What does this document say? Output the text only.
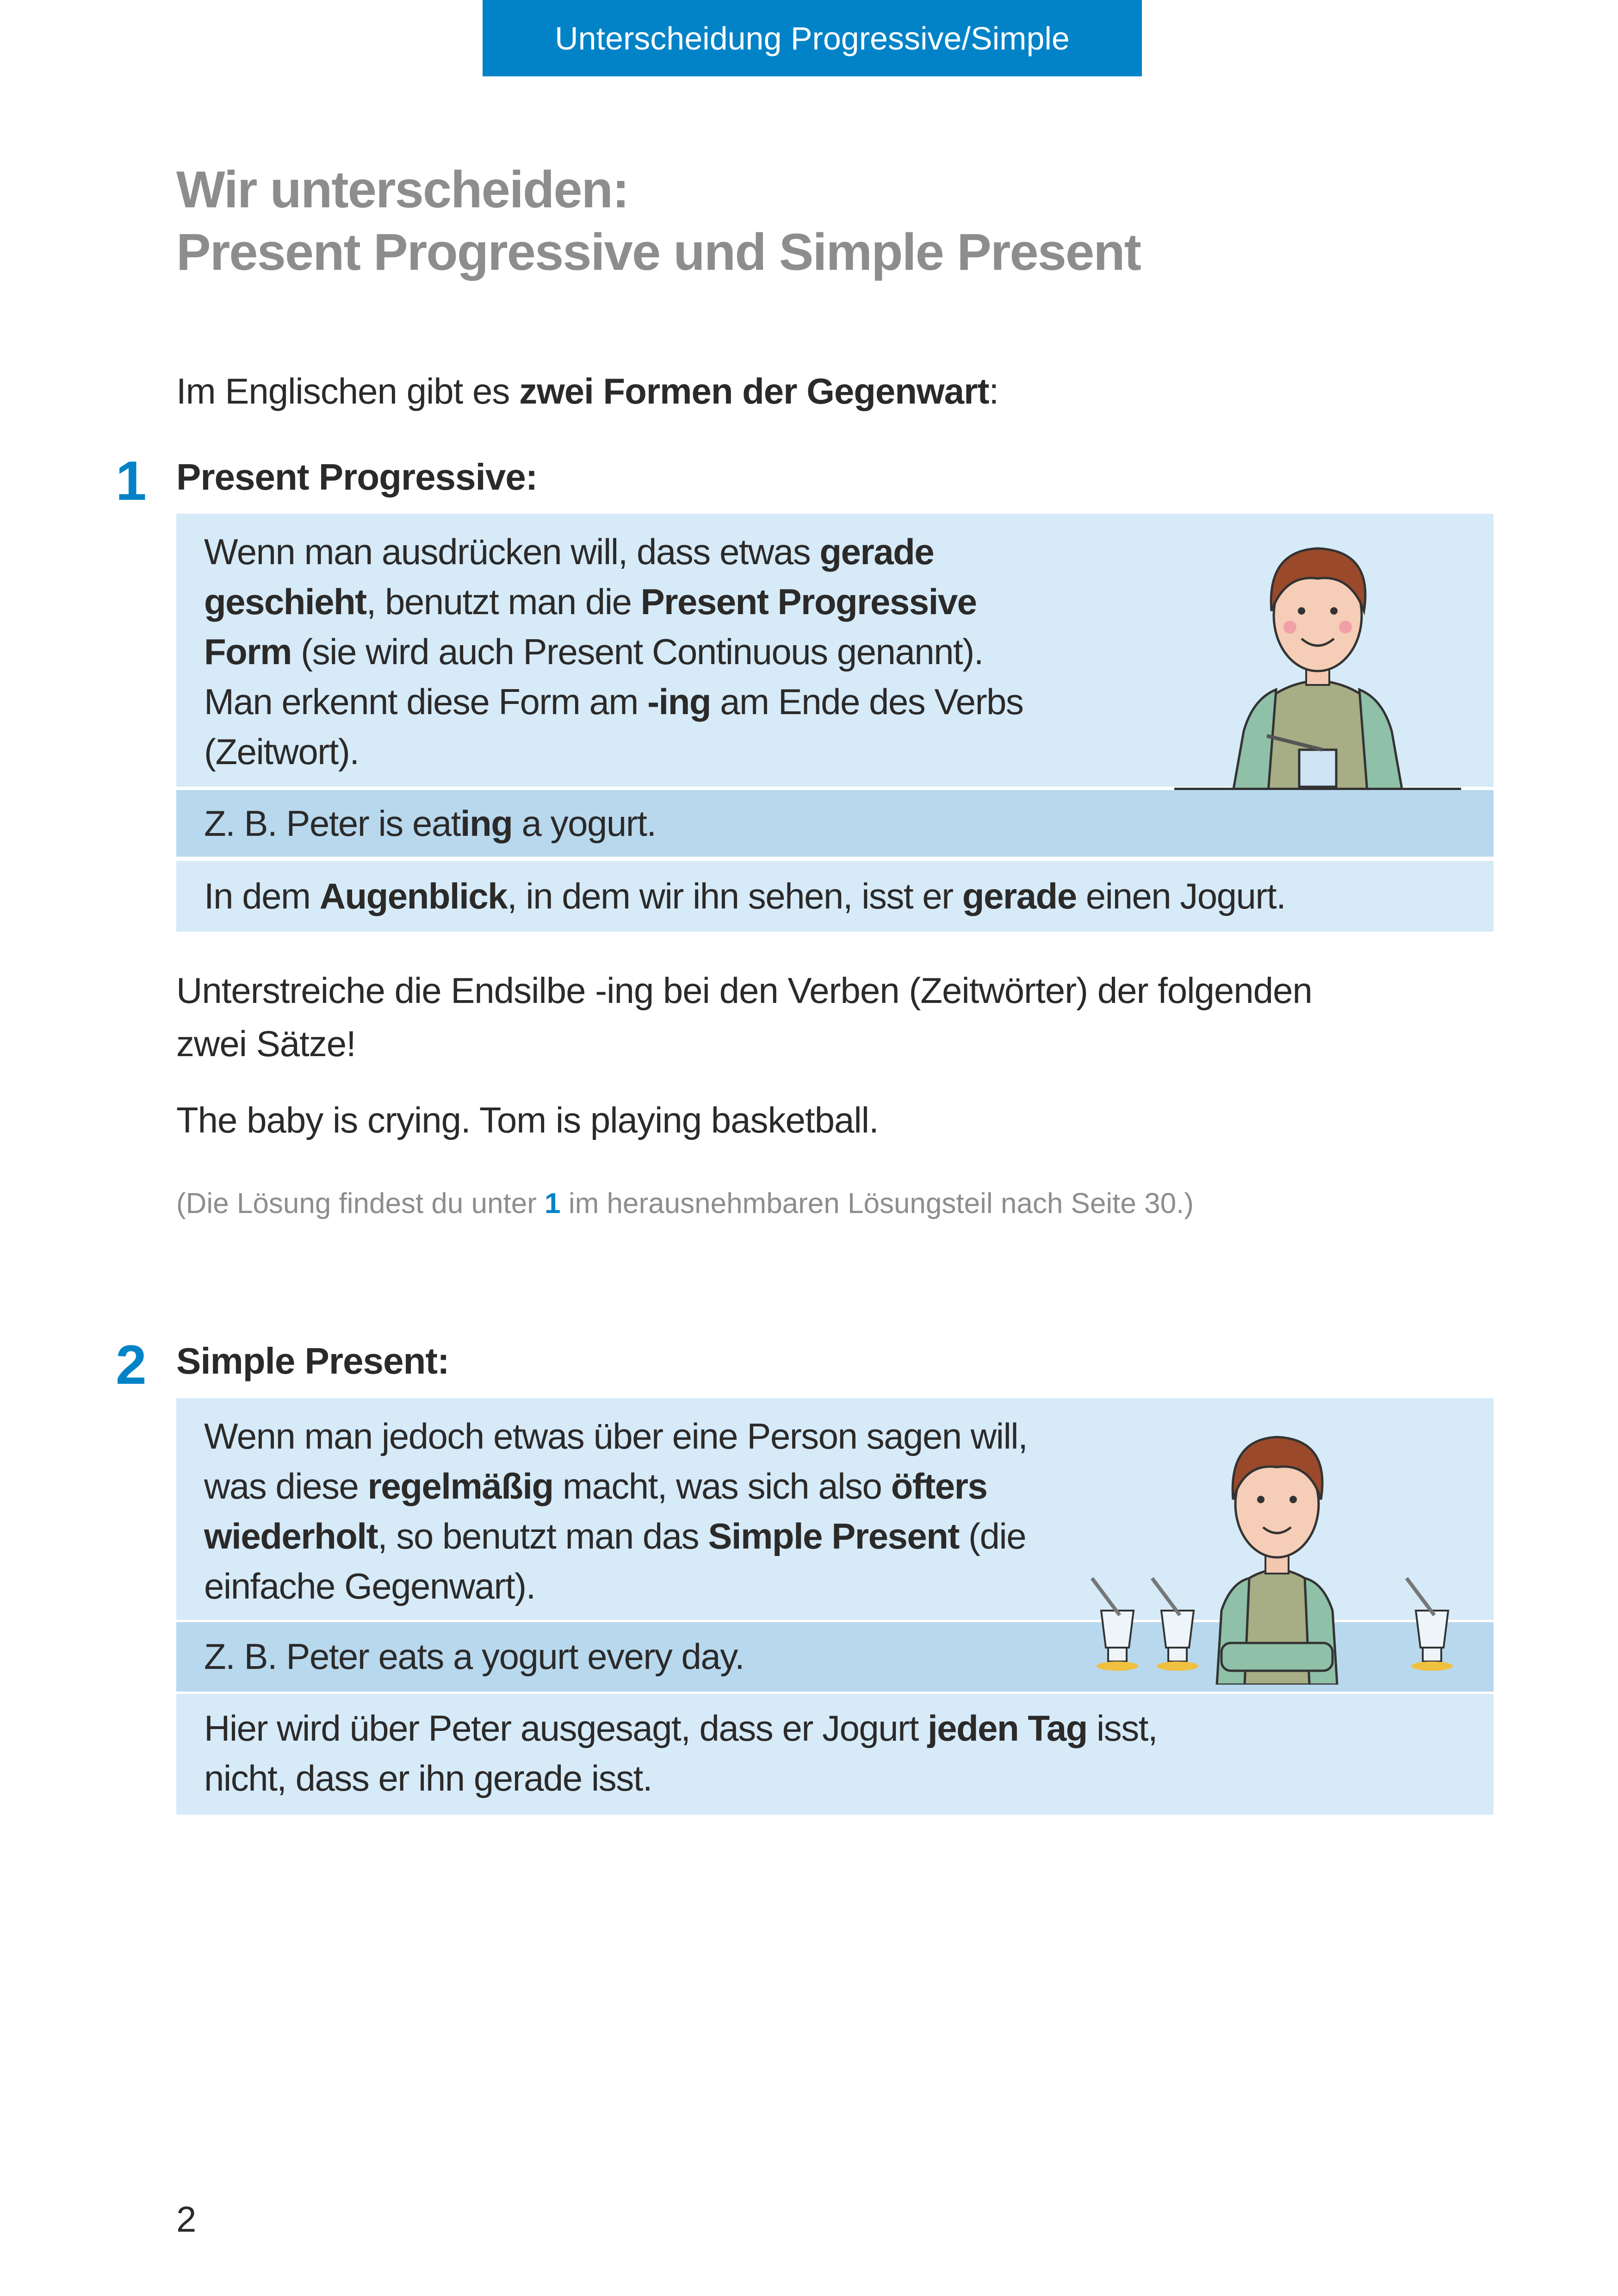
Unterscheidung Progressive/Simple
Wir unterscheiden:
Present Progressive und Simple Present
Im Englischen gibt es zwei Formen der Gegenwart:
1 Present Progressive:
Wenn man ausdrücken will, dass etwas gerade
geschieht, benutzt man die Present Progressive
Form (sie wird auch Present Continuous genannt).
Man erkennt diese Form am -ing am Ende des Verbs
(Zeitwort).
Z. B. Peter is eating a yogurt.
In dem Augenblick, in dem wir ihn sehen, isst er gerade einen Jogurt.
Unterstreiche die Endsilbe -ing bei den Verben (Zeitwörter) der folgenden
zwei Sätze!
The baby is crying. Tom is playing basketball.
(Die Lösung findest du unter 1 im herausnehmbaren Lösungsteil nach Seite 30.)
2 Simple Present:
Wenn man jedoch etwas über eine Person sagen will,
was diese regelmäßig macht, was sich also öfters
wiederholt, so benutzt man das Simple Present (die
einfache Gegenwart).
Z. B. Peter eats a yogurt every day.
Hier wird über Peter ausgesagt, dass er Jogurt jeden Tag isst,
nicht, dass er ihn gerade isst.
2
